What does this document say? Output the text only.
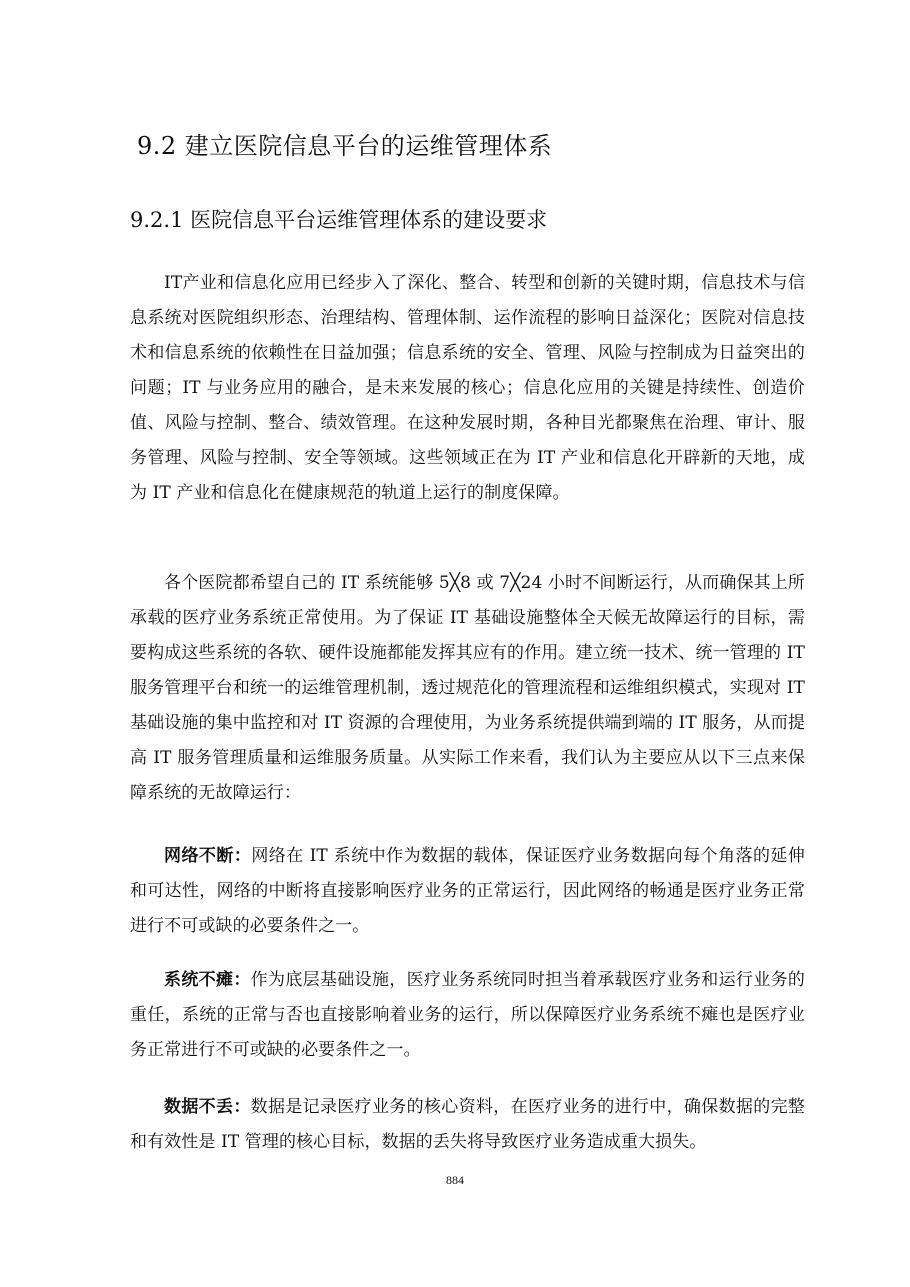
9.2 建立医院信息平台的运维管理体系
9.2.1 医院信息平台运维管理体系的建设要求

IT产业和信息化应用已经步入了深化、整合、转型和创新的关键时期，信息技术与信息系统对医院组织形态、治理结构、管理体制、运作流程的影响日益深化；医院对信息技术和信息系统的依赖性在日益加强；信息系统的安全、管理、风险与控制成为日益突出的问题；IT 与业务应用的融合，是未来发展的核心；信息化应用的关键是持续性、创造价值、风险与控制、整合、绩效管理。在这种发展时期，各种目光都聚焦在治理、审计、服务管理、风险与控制、安全等领域。这些领域正在为 IT 产业和信息化开辟新的天地，成为 IT 产业和信息化在健康规范的轨道上运行的制度保障。

各个医院都希望自己的 IT 系统能够 5╳8 或 7╳24 小时不间断运行，从而确保其上所承载的医疗业务系统正常使用。为了保证 IT 基础设施整体全天候无故障运行的目标，需要构成这些系统的各软、硬件设施都能发挥其应有的作用。建立统一技术、统一管理的 IT 服务管理平台和统一的运维管理机制，透过规范化的管理流程和运维组织模式，实现对 IT 基础设施的集中监控和对 IT 资源的合理使用，为业务系统提供端到端的 IT 服务，从而提高 IT 服务管理质量和运维服务质量。从实际工作来看，我们认为主要应从以下三点来保障系统的无故障运行：

网络不断：网络在 IT 系统中作为数据的载体，保证医疗业务数据向每个角落的延伸和可达性，网络的中断将直接影响医疗业务的正常运行，因此网络的畅通是医疗业务正常进行不可或缺的必要条件之一。

系统不瘫：作为底层基础设施，医疗业务系统同时担当着承载医疗业务和运行业务的重任，系统的正常与否也直接影响着业务的运行，所以保障医疗业务系统不瘫也是医疗业务正常进行不可或缺的必要条件之一。

数据不丢：数据是记录医疗业务的核心资料，在医疗业务的进行中，确保数据的完整和有效性是 IT 管理的核心目标，数据的丢失将导致医疗业务造成重大损失。

884
